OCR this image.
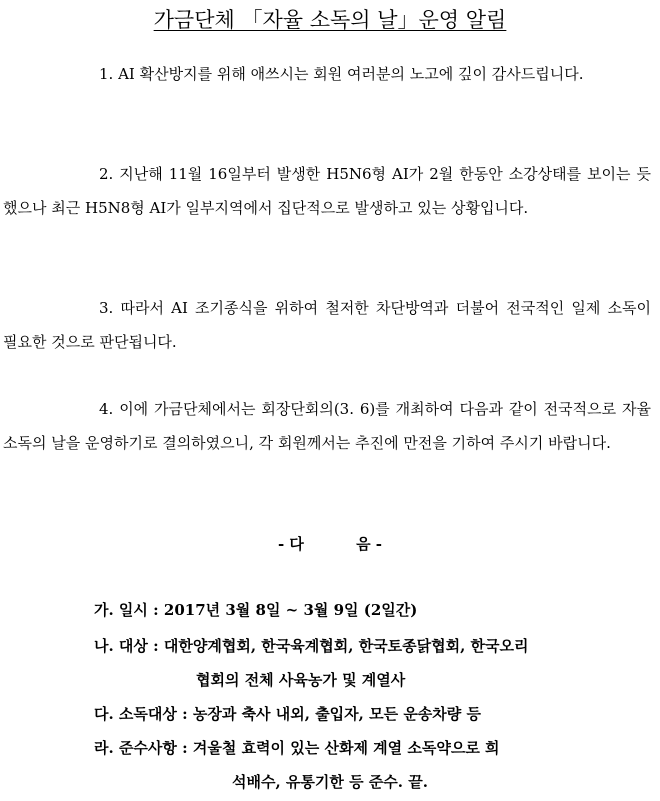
가금단체 「자율 소독의 날」운영 알림
1. AI 확산방지를 위해 애쓰시는 회원 여러분의 노고에 깊이 감사드립니다.
2. 지난해 11월 16일부터 발생한 H5N6형 AI가 2월 한동안 소강상태를 보이는 듯 했으나 최근 H5N8형 AI가 일부지역에서 집단적으로 발생하고 있는 상황입니다.
3. 따라서 AI 조기종식을 위하여 철저한 차단방역과 더불어 전국적인 일제 소독이 필요한 것으로 판단됩니다.
4. 이에 가금단체에서는 회장단회의(3. 6)를 개최하여 다음과 같이 전국적으로 자율 소독의 날을 운영하기로 결의하였으니, 각 회원께서는 추진에 만전을 기하여 주시기 바랍니다.
- 다          음 -
가. 일시 : 2017년 3월 8일 ~ 3월 9일 (2일간)
나. 대상 : 대한양계협회, 한국육계협회, 한국토종닭협회, 한국오리
협회의 전체 사육농가 및 계열사
다. 소독대상 : 농장과 축사 내외, 출입자, 모든 운송차량 등
라. 준수사항 : 겨울철 효력이 있는 산화제 계열 소독약으로 희
석배수, 유통기한 등 준수. 끝.
